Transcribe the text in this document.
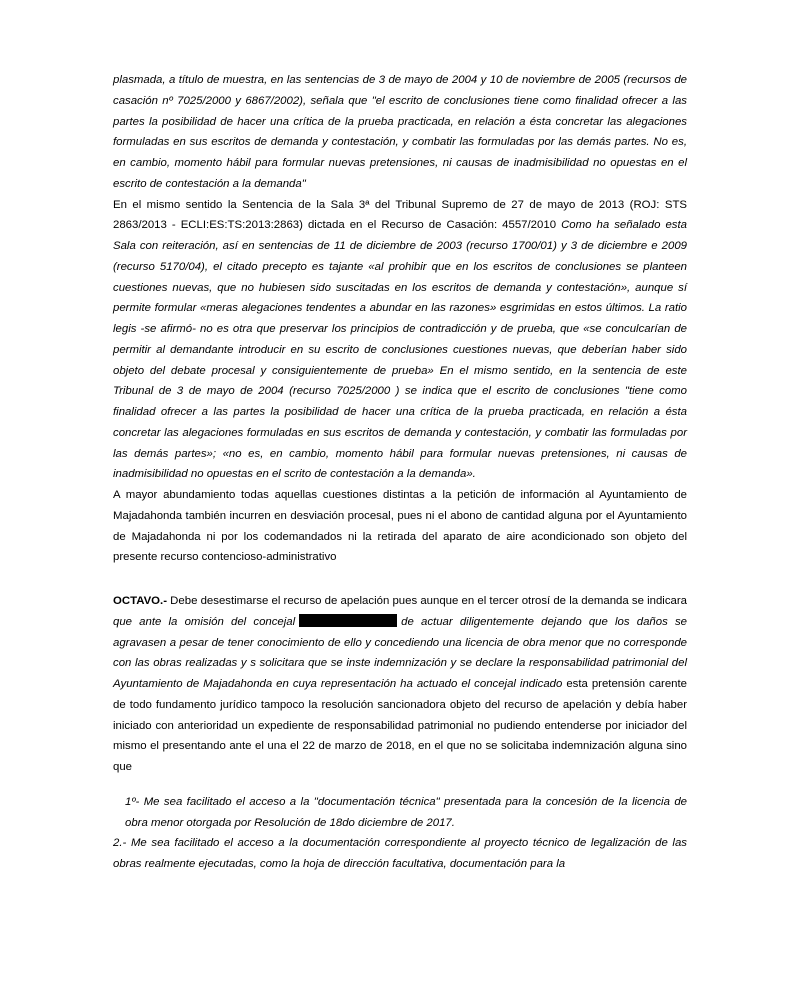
plasmada, a título de muestra, en las sentencias de 3 de mayo de 2004 y 10 de noviembre de 2005 (recursos de casación nº 7025/2000 y 6867/2002), señala que "el escrito de conclusiones tiene como finalidad ofrecer a las partes la posibilidad de hacer una crítica de la prueba practicada, en relación a ésta concretar las alegaciones formuladas en sus escritos de demanda y contestación, y combatir las formuladas por las demás partes. No es, en cambio, momento hábil para formular nuevas pretensiones, ni causas de inadmisibilidad no opuestas en el escrito de contestación a la demanda"

En el mismo sentido la Sentencia de la Sala 3ª del Tribunal Supremo de 27 de mayo de 2013 (ROJ: STS 2863/2013 - ECLI:ES:TS:2013:2863) dictada en el Recurso de Casación: 4557/2010 Como ha señalado esta Sala con reiteración, así en sentencias de 11 de diciembre de 2003 (recurso 1700/01) y 3 de diciembre e 2009 (recurso 5170/04), el citado precepto es tajante «al prohibir que en los escritos de conclusiones se planteen cuestiones nuevas, que no hubiesen sido suscitadas en los escritos de demanda y contestación», aunque sí permite formular «meras alegaciones tendentes a abundar en las razones» esgrimidas en estos últimos. La ratio legis -se afirmó- no es otra que preservar los principios de contradicción y de prueba, que «se conculcarían de permitir al demandante introducir en su escrito de conclusiones cuestiones nuevas, que deberían haber sido objeto del debate procesal y consiguientemente de prueba» En el mismo sentido, en la sentencia de este Tribunal de 3 de mayo de 2004 (recurso 7025/2000 ) se indica que el escrito de conclusiones "tiene como finalidad ofrecer a las partes la posibilidad de hacer una crítica de la prueba practicada, en relación a ésta concretar las alegaciones formuladas en sus escritos de demanda y contestación, y combatir las formuladas por las demás partes»; «no es, en cambio, momento hábil para formular nuevas pretensiones, ni causas de inadmisibilidad no opuestas en el scrito de contestación a la demanda».

A mayor abundamiento todas aquellas cuestiones distintas a la petición de información al Ayuntamiento de Majadahonda también incurren en desviación procesal, pues ni el abono de cantidad alguna por el Ayuntamiento de Majadahonda ni por los codemandados ni la retirada del aparato de aire acondicionado son objeto del presente recurso contencioso-administrativo

OCTAVO.- Debe desestimarse el recurso de apelación pues aunque en el tercer otrosí de la demanda se indicara que ante la omisión del concejal	de actuar diligentemente dejando que los daños se agravasen a pesar de tener conocimiento de ello y concediendo una licencia de obra menor que no corresponde con las obras realizadas y s solicitara que se inste indemnización y se declare la responsabilidad patrimonial del Ayuntamiento de Majadahonda en cuya representación ha actuado el concejal indicado esta pretensión carente de todo fundamento jurídico tampoco la resolución sancionadora objeto del recurso de apelación y debía haber iniciado con anterioridad un expediente de responsabilidad patrimonial no pudiendo entenderse por iniciador del mismo el presentando ante el una el 22 de marzo de 2018, en el que no se solicitaba indemnización alguna sino que

1º- Me sea facilitado el acceso a la "documentación técnica" presentada para la concesión de la licencia de obra menor otorgada por Resolución de 18do diciembre de 2017.

2.- Me sea facilitado el acceso a la documentación correspondiente al proyecto técnico de legalización de las obras realmente ejecutadas, como la hoja de dirección facultativa, documentación para la
